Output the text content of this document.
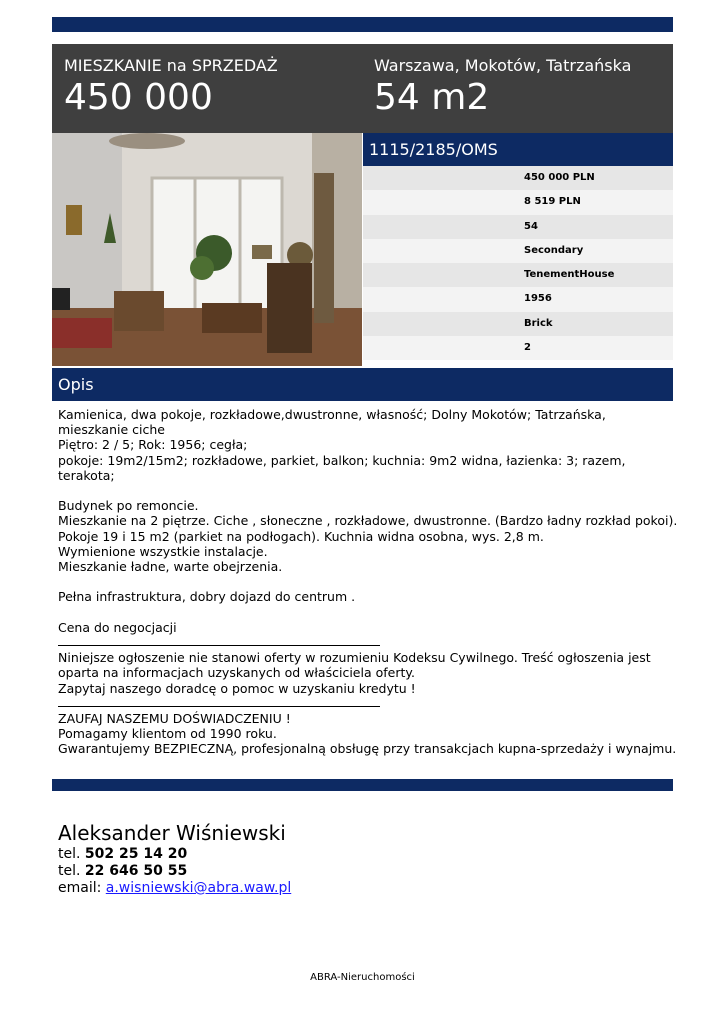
MIESZKANIE na SPRZEDAŻ
450 000
Warszawa, Mokotów, Tatrzańska
54 m2
1115/2185/OMS
450 000 PLN
8 519 PLN
54
Secondary
TenementHouse
1956
Brick
2
Opis
Kamienica, dwa pokoje, rozkładowe,dwustronne, własność; Dolny Mokotów; Tatrzańska,
mieszkanie ciche
Piętro: 2 / 5; Rok: 1956; cegła;
pokoje: 19m2/15m2; rozkładowe, parkiet, balkon; kuchnia: 9m2 widna, łazienka: 3; razem,
terakota;
Budynek po remoncie.
Mieszkanie na 2 piętrze. Ciche , słoneczne , rozkładowe, dwustronne. (Bardzo ładny rozkład pokoi).
Pokoje 19 i 15 m2 (parkiet na podłogach). Kuchnia widna osobna, wys. 2,8 m.
Wymienione wszystkie instalacje.
Mieszkanie ładne, warte obejrzenia.
Pełna infrastruktura, dobry dojazd do centrum .
Cena do negocjacji
Niniejsze ogłoszenie nie stanowi oferty w rozumieniu Kodeksu Cywilnego. Treść ogłoszenia jest
oparta na informacjach uzyskanych od właściciela oferty.
Zapytaj naszego doradcę o pomoc w uzyskaniu kredytu !
ZAUFAJ NASZEMU DOŚWIADCZENIU !
Pomagamy klientom od 1990 roku.
Gwarantujemy BEZPIECZNĄ, profesjonalną obsługę przy transakcjach kupna-sprzedaży i wynajmu.
Aleksander Wiśniewski
tel. 502 25 14 20
tel. 22 646 50 55
email: a.wisniewski@abra.waw.pl
ABRA-Nieruchomości
